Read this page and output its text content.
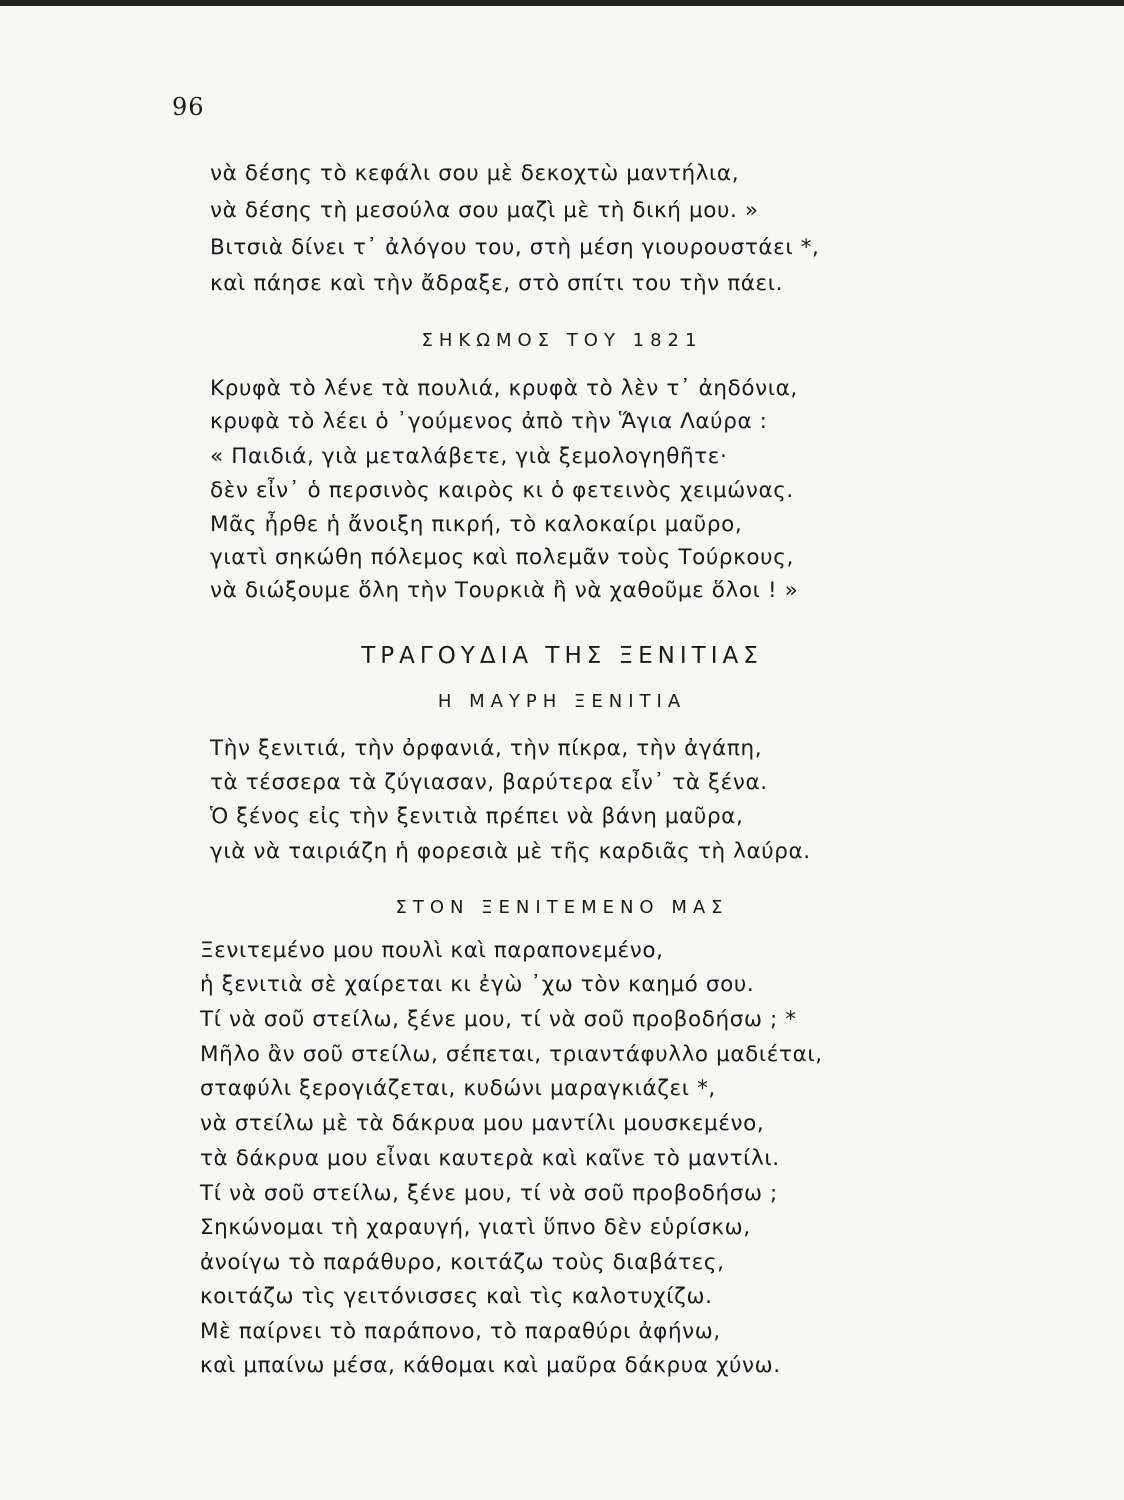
96
νὰ δέσης τὸ κεφάλι σου μὲ δεκοχτὼ μαντήλια,
νὰ δέσης τὴ μεσούλα σου μαζὶ μὲ τὴ δική μου. »
Βιτσιὰ δίνει τ᾽ ἀλόγου του, στὴ μέση γιουρουστάει *,
καὶ πάησε καὶ τὴν ἄδραξε, στὸ σπίτι του τὴν πάει.
ΣΗΚΩΜΟΣ ΤΟΥ 1821
Κρυφὰ τὸ λένε τὰ πουλιά, κρυφὰ τὸ λὲν τ᾽ ἀηδόνια,
κρυφὰ τὸ λέει ὁ ᾽γούμενος ἀπὸ τὴν Ἅγια Λαύρα :
« Παιδιά, γιὰ μεταλάβετε, γιὰ ξεμολογηθῆτε·
δὲν εἶν᾽ ὁ περσινὸς καιρὸς κι ὁ φετεινὸς χειμώνας.
Μᾶς ἦρθε ἡ ἄνοιξη πικρή, τὸ καλοκαίρι μαῦρο,
γιατὶ σηκώθη πόλεμος καὶ πολεμᾶν τοὺς Τούρκους,
νὰ διώξουμε ὅλη τὴν Τουρκιὰ ἢ νὰ χαθοῦμε ὅλοι ! »
ΤΡΑΓΟΥΔΙΑ ΤΗΣ ΞΕΝΙΤΙΑΣ
Η ΜΑΥΡΗ ΞΕΝΙΤΙΑ
Τὴν ξενιτιά, τὴν ὀρφανιά, τὴν πίκρα, τὴν ἀγάπη,
τὰ τέσσερα τὰ ζύγιασαν, βαρύτερα εἶν᾽ τὰ ξένα.
Ὁ ξένος εἰς τὴν ξενιτιὰ πρέπει νὰ βάνη μαῦρα,
γιὰ νὰ ταιριάζη ἡ φορεσιὰ μὲ τῆς καρδιᾶς τὴ λαύρα.
ΣΤΟΝ ΞΕΝΙΤΕΜΕΝΟ ΜΑΣ
Ξενιτεμένο μου πουλὶ καὶ παραπονεμένο,
ἡ ξενιτιὰ σὲ χαίρεται κι ἐγὼ ᾽χω τὸν καημό σου.
Τί νὰ σοῦ στείλω, ξένε μου, τί νὰ σοῦ προβοδήσω ; *
Μῆλο ἂν σοῦ στείλω, σέπεται, τριαντάφυλλο μαδιέται,
σταφύλι ξερογιάζεται, κυδώνι μαραγκιάζει *,
νὰ στείλω μὲ τὰ δάκρυα μου μαντίλι μουσκεμένο,
τὰ δάκρυα μου εἶναι καυτερὰ καὶ καῖνε τὸ μαντίλι.
Τί νὰ σοῦ στείλω, ξένε μου, τί νὰ σοῦ προβοδήσω ;
Σηκώνομαι τὴ χαραυγή, γιατὶ ὕπνο δὲν εὑρίσκω,
ἀνοίγω τὸ παράθυρο, κοιτάζω τοὺς διαβάτες,
κοιτάζω τὶς γειτόνισσες καὶ τὶς καλοτυχίζω.
Μὲ παίρνει τὸ παράπονο, τὸ παραθύρι ἀφήνω,
καὶ μπαίνω μέσα, κάθομαι καὶ μαῦρα δάκρυα χύνω.
